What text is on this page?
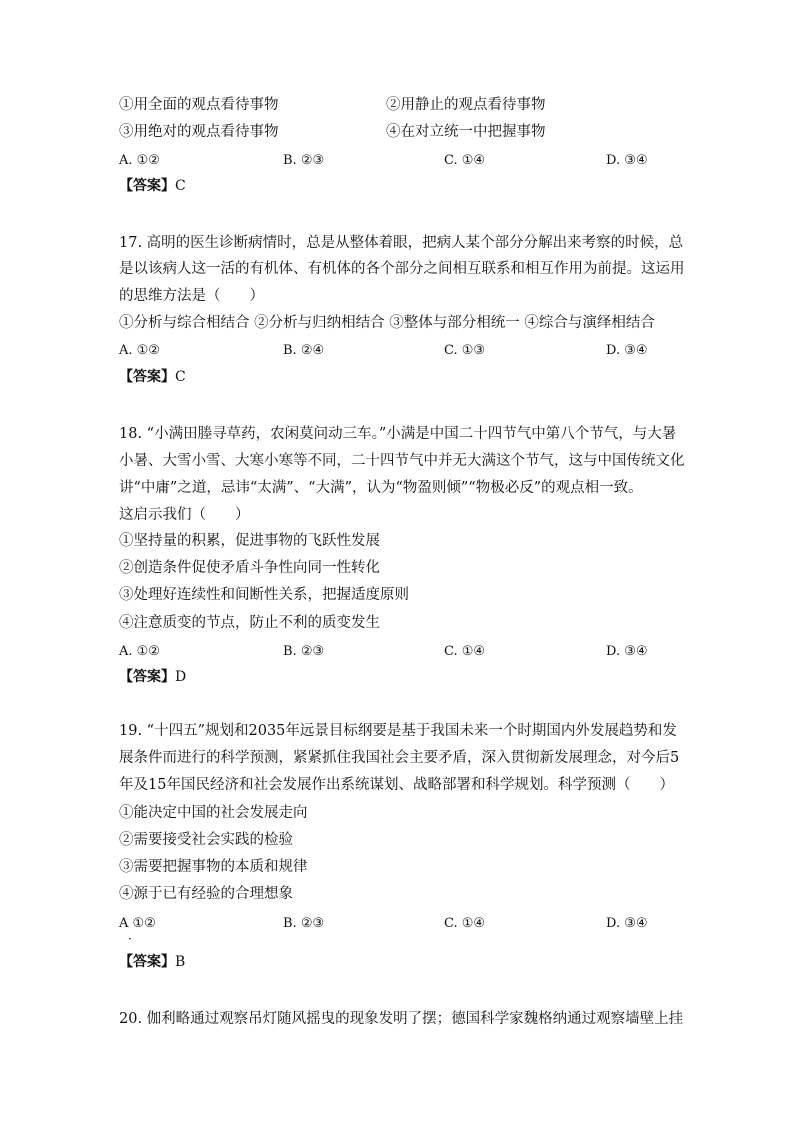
①用全面的观点看待事物	②用静止的观点看待事物
③用绝对的观点看待事物	④在对立统一中把握事物
A. ①②	B. ②③	C. ①④	D. ③④
【答案】C
17. 高明的医生诊断病情时，总是从整体着眼，把病人某个部分分解出来考察的时候，总
是以该病人这一活的有机体、有机体的各个部分之间相互联系和相互作用为前提。这运用
的思维方法是（　　）
①分析与综合相结合 ②分析与归纳相结合 ③整体与部分相统一 ④综合与演绎相结合
A. ①②	B. ②④	C. ①③	D. ③④
【答案】C
18. “小满田塍寻草药，农闲莫问动三车。”小满是中国二十四节气中第八个节气，与大暑
小暑、大雪小雪、大寒小寒等不同，二十四节气中并无大满这个节气，这与中国传统文化
讲“中庸”之道，忌讳“太满”、“大满”，认为“物盈则倾”“物极必反”的观点相一致。
这启示我们（　　）
①坚持量的积累，促进事物的飞跃性发展
②创造条件促使矛盾斗争性向同一性转化
③处理好连续性和间断性关系，把握适度原则
④注意质变的节点，防止不利的质变发生
A. ①②	B. ②③	C. ①④	D. ③④
【答案】D
19. “十四五”规划和2035年远景目标纲要是基于我国未来一个时期国内外发展趋势和发
展条件而进行的科学预测，紧紧抓住我国社会主要矛盾，深入贯彻新发展理念，对今后5
年及15年国民经济和社会发展作出系统谋划、战略部署和科学规划。科学预测（　　）
①能决定中国的社会发展走向
②需要接受社会实践的检验
③需要把握事物的本质和规律
④源于已有经验的合理想象
A ①②	B. ②③	C. ①④	D. ③④
·
【答案】B
20. 伽利略通过观察吊灯随风摇曳的现象发明了摆；德国科学家魏格纳通过观察墙壁上挂
